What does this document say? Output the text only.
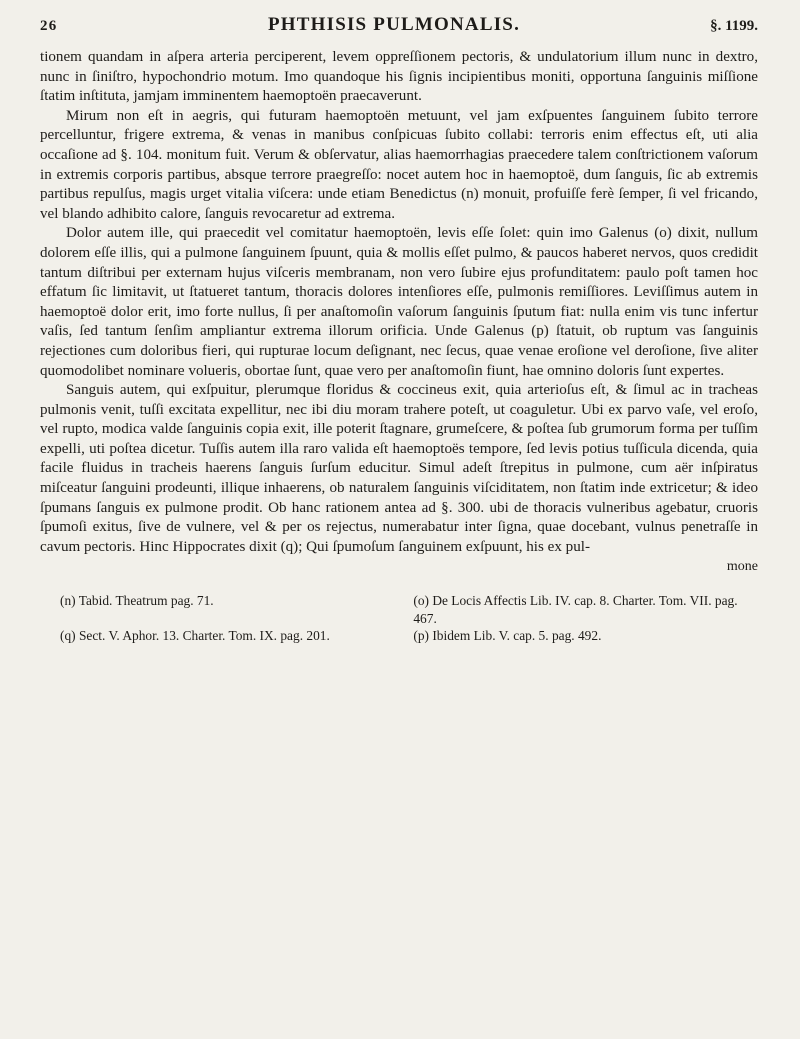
26	PHTHISIS PULMONALIS.	§. 1199.

tionem quandam in aſpera arteria perciperent, levem oppreſſionem pectoris, & undulatorium illum nunc in dextro, nunc in ſiniſtro, hypochondrio motum. Imo quandoque his ſignis incipientibus moniti, opportuna ſanguinis miſſione ſtatim inſtituta, jamjam imminentem haemoptoën praecaverunt.

Mirum non eſt in aegris, qui futuram haemoptoën metuunt, vel jam exſpuentes ſanguinem ſubito terrore percelluntur, frigere extrema, & venas in manibus conſpicuas ſubito collabi: terroris enim effectus eſt, uti alia occaſione ad §. 104. monitum fuit. Verum & obſervatur, alias haemorrhagias praecedere talem conſtrictionem vaſorum in extremis corporis partibus, absque terrore praegreſſo: nocet autem hoc in haemoptoë, dum ſanguis, ſic ab extremis partibus repulſus, magis urget vitalia viſcera: unde etiam Benedictus (n) monuit, profuiſſe ferè ſemper, ſi vel fricando, vel blando adhibito calore, ſanguis revocaretur ad extrema.

Dolor autem ille, qui praecedit vel comitatur haemoptoën, levis eſſe ſolet: quin imo Galenus (o) dixit, nullum dolorem eſſe illis, qui a pulmone ſanguinem ſpuunt, quia & mollis eſſet pulmo, & paucos haberet nervos, quos credidit tantum diſtribui per externam hujus viſceris membranam, non vero ſubire ejus profunditatem: paulo poſt tamen hoc effatum ſic limitavit, ut ſtatueret tantum, thoracis dolores intenſiores eſſe, pulmonis remiſſiores. Leviſſimus autem in haemoptoë dolor erit, imo forte nullus, ſi per anaſtomoſin vaſorum ſanguinis ſputum fiat: nulla enim vis tunc infertur vaſis, ſed tantum ſenſim ampliantur extrema illorum orificia. Unde Galenus (p) ſtatuit, ob ruptum vas ſanguinis rejectiones cum doloribus fieri, qui rupturae locum deſignant, nec ſecus, quae venae eroſione vel deroſione, ſive aliter quomodolibet nominare volueris, obortae ſunt, quae vero per anaſtomoſin fiunt, hae omnino doloris ſunt expertes.

Sanguis autem, qui exſpuitur, plerumque floridus & coccineus exit, quia arterioſus eſt, & ſimul ac in tracheas pulmonis venit, tuſſi excitata expellitur, nec ibi diu moram trahere poteſt, ut coaguletur. Ubi ex parvo vaſe, vel eroſo, vel rupto, modica valde ſanguinis copia exit, ille poterit ſtagnare, grumeſcere, & poſtea ſub grumorum forma per tuſſim expelli, uti poſtea dicetur. Tuſſis autem illa raro valida eſt haemoptoës tempore, ſed levis potius tuſſicula dicenda, quia facile fluidus in tracheis haerens ſanguis ſurſum educitur. Simul adeſt ſtrepitus in pulmone, cum aër inſpiratus miſceatur ſanguini prodeunti, illique inhaerens, ob naturalem ſanguinis viſciditatem, non ſtatim inde extricetur; & ideo ſpumans ſanguis ex pulmone prodit. Ob hanc rationem antea ad §. 300. ubi de thoracis vulneribus agebatur, cruoris ſpumoſi exitus, ſive de vulnere, vel & per os rejectus, numerabatur inter ſigna, quae docebant, vulnus penetraſſe in cavum pectoris. Hinc Hippocrates dixit (q); Qui ſpumoſum ſanguinem exſpuunt, his ex pul-

mone
(n) Tabid. Theatrum pag. 71.	(o) De Locis Affectis Lib. IV. cap. 8. Charter. Tom. VII. pag. 467.
(q) Sect. V. Aphor. 13. Charter. Tom. IX. pag. 201.	(p) Ibidem Lib. V. cap. 5. pag. 492.
